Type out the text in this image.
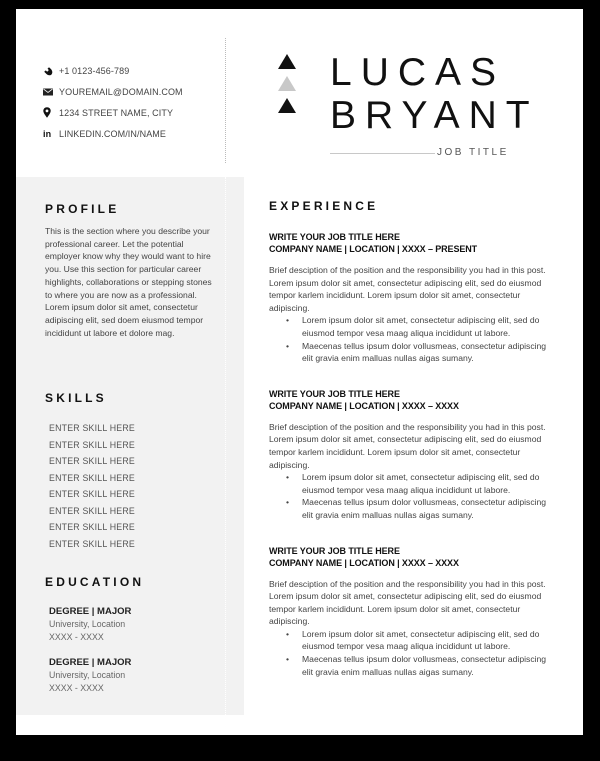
+1 0123-456-789
YOUREMAIL@DOMAIN.COM
1234 STREET NAME, CITY
in LINKEDIN.COM/IN/NAME
LUCAS
BRYANT
JOB TITLE
PROFILE
This is the section where you describe your professional career. Let the potential employer know why they would want to hire you. Use this section for particular career highlights, collaborations or stepping stones to where you are now as a professional. Lorem ipsum dolor sit amet, consectetur adipiscing elit, sed doem eiusmod tempor incididunt ut labore et dolore mag.
SKILLS
ENTER SKILL HERE
ENTER SKILL HERE
ENTER SKILL HERE
ENTER SKILL HERE
ENTER SKILL HERE
ENTER SKILL HERE
ENTER SKILL HERE
ENTER SKILL HERE
EDUCATION
DEGREE | MAJOR
University, Location
XXXX - XXXX
DEGREE | MAJOR
University, Location
XXXX - XXXX
EXPERIENCE
WRITE YOUR JOB TITLE HERE
COMPANY NAME | LOCATION | XXXX – PRESENT
Brief desciption of the position and the responsibility you had in this post. Lorem ipsum dolor sit amet, consectetur adipiscing elit, sed do eiusmod tempor karlem incididunt. Lorem ipsum dolor sit amet, consectetur adipiscing.
• Lorem ipsum dolor sit amet, consectetur adipiscing elit, sed do eiusmod tempor vesa maag aliqua incididunt ut labore.
• Maecenas tellus ipsum dolor vollusmeas, consectetur adipiscing elit gravia enim malluas nullas aigas sumany.
WRITE YOUR JOB TITLE HERE
COMPANY NAME | LOCATION | XXXX – XXXX
Brief desciption of the position and the responsibility you had in this post. Lorem ipsum dolor sit amet, consectetur adipiscing elit, sed do eiusmod tempor karlem incididunt. Lorem ipsum dolor sit amet, consectetur adipiscing.
• Lorem ipsum dolor sit amet, consectetur adipiscing elit, sed do eiusmod tempor vesa maag aliqua incididunt ut labore.
• Maecenas tellus ipsum dolor vollusmeas, consectetur adipiscing elit gravia enim malluas nullas aigas sumany.
WRITE YOUR JOB TITLE HERE
COMPANY NAME | LOCATION | XXXX – XXXX
Brief desciption of the position and the responsibility you had in this post. Lorem ipsum dolor sit amet, consectetur adipiscing elit, sed do eiusmod tempor karlem incididunt. Lorem ipsum dolor sit amet, consectetur adipiscing.
• Lorem ipsum dolor sit amet, consectetur adipiscing elit, sed do eiusmod tempor vesa maag aliqua incididunt ut labore.
• Maecenas tellus ipsum dolor vollusmeas, consectetur adipiscing elit gravia enim malluas nullas aigas sumany.
